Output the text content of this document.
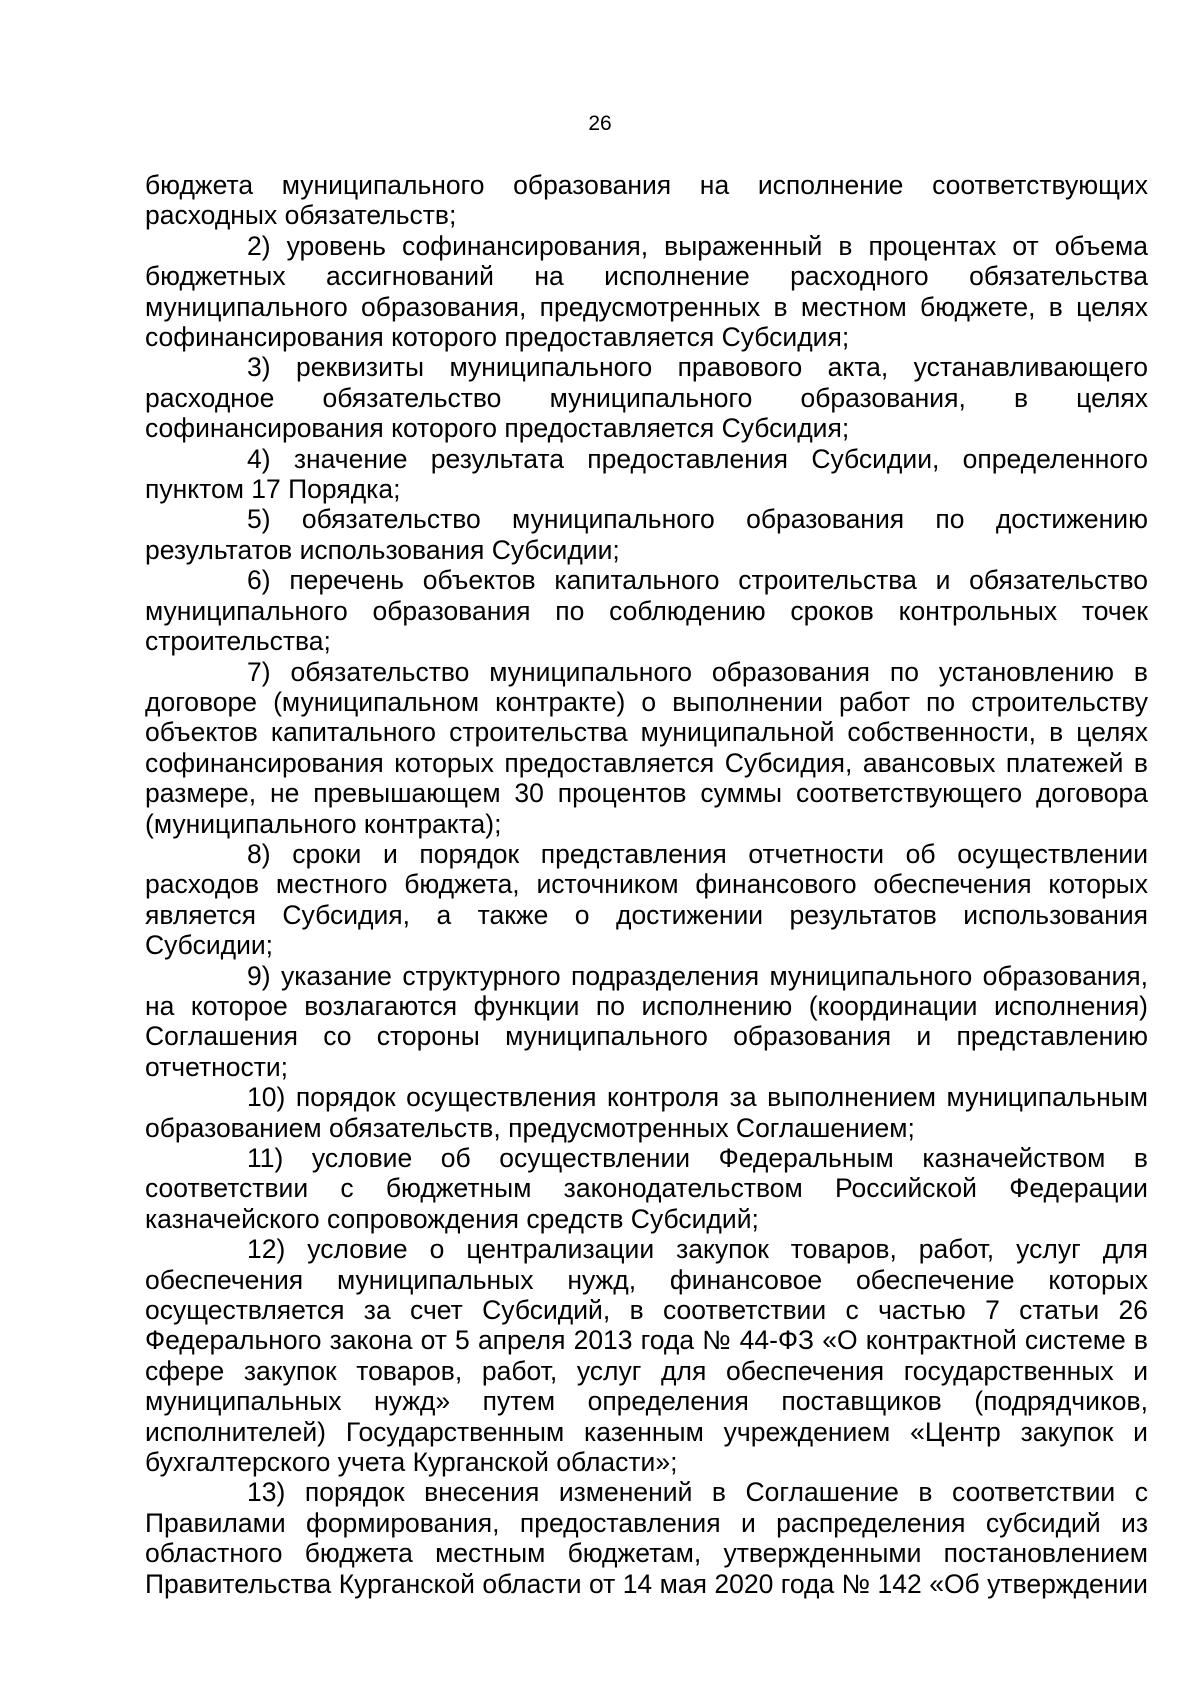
26

бюджета муниципального образования на исполнение соответствующих расходных обязательств;

2) уровень софинансирования, выраженный в процентах от объема бюджетных ассигнований на исполнение расходного обязательства муниципального образования, предусмотренных в местном бюджете, в целях софинансирования которого предоставляется Субсидия;

3) реквизиты муниципального правового акта, устанавливающего расходное обязательство муниципального образования, в целях софинансирования которого предоставляется Субсидия;

4) значение результата предоставления Субсидии, определенного пунктом 17 Порядка;

5) обязательство муниципального образования по достижению результатов использования Субсидии;

6) перечень объектов капитального строительства и обязательство муниципального образования по соблюдению сроков контрольных точек строительства;

7) обязательство муниципального образования по установлению в договоре (муниципальном контракте) о выполнении работ по строительству объектов капитального строительства муниципальной собственности, в целях софинансирования которых предоставляется Субсидия, авансовых платежей в размере, не превышающем 30 процентов суммы соответствующего договора (муниципального контракта);

8) сроки и порядок представления отчетности об осуществлении расходов местного бюджета, источником финансового обеспечения которых является Субсидия, а также о достижении результатов использования Субсидии;

9) указание структурного подразделения муниципального образования, на которое возлагаются функции по исполнению (координации исполнения) Соглашения со стороны муниципального образования и представлению отчетности;

10) порядок осуществления контроля за выполнением муниципальным образованием обязательств, предусмотренных Соглашением;

11) условие об осуществлении Федеральным казначейством в соответствии с бюджетным законодательством Российской Федерации казначейского сопровождения средств Субсидий;

12) условие о централизации закупок товаров, работ, услуг для обеспечения муниципальных нужд, финансовое обеспечение которых осуществляется за счет Субсидий, в соответствии с частью 7 статьи 26 Федерального закона от 5 апреля 2013 года № 44-ФЗ «О контрактной системе в сфере закупок товаров, работ, услуг для обеспечения государственных и муниципальных нужд» путем определения поставщиков (подрядчиков, исполнителей) Государственным казенным учреждением «Центр закупок и бухгалтерского учета Курганской области»;

13) порядок внесения изменений в Соглашение в соответствии с Правилами формирования, предоставления и распределения субсидий из областного бюджета местным бюджетам, утвержденными постановлением Правительства Курганской области от 14 мая 2020 года № 142 «Об утверждении
